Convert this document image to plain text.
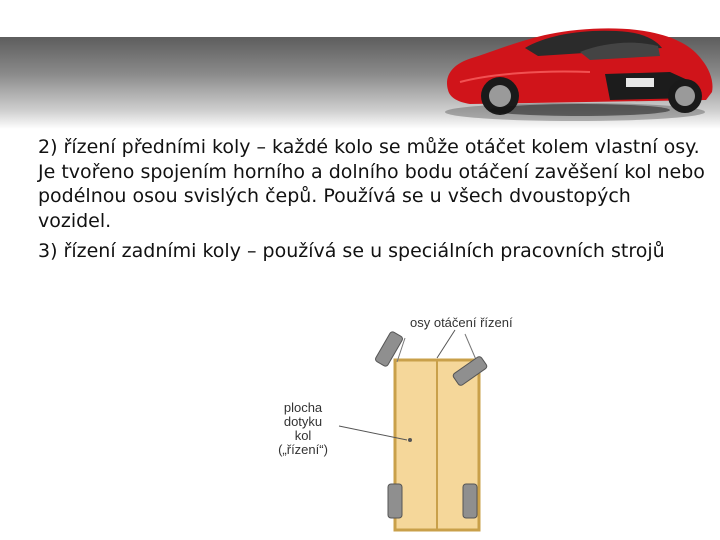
2) řízení předními koly – každé kolo se může otáčet kolem vlastní osy. Je tvořeno spojením horního a dolního bodu otáčení zavěšení kol nebo podélnou osou svislých čepů. Používá se u všech dvoustopých vozidel.

3) řízení zadními koly – používá se u speciálních pracovních strojů

osy otáčení řízení
plocha
dotyku
kol
(„řízení“)
